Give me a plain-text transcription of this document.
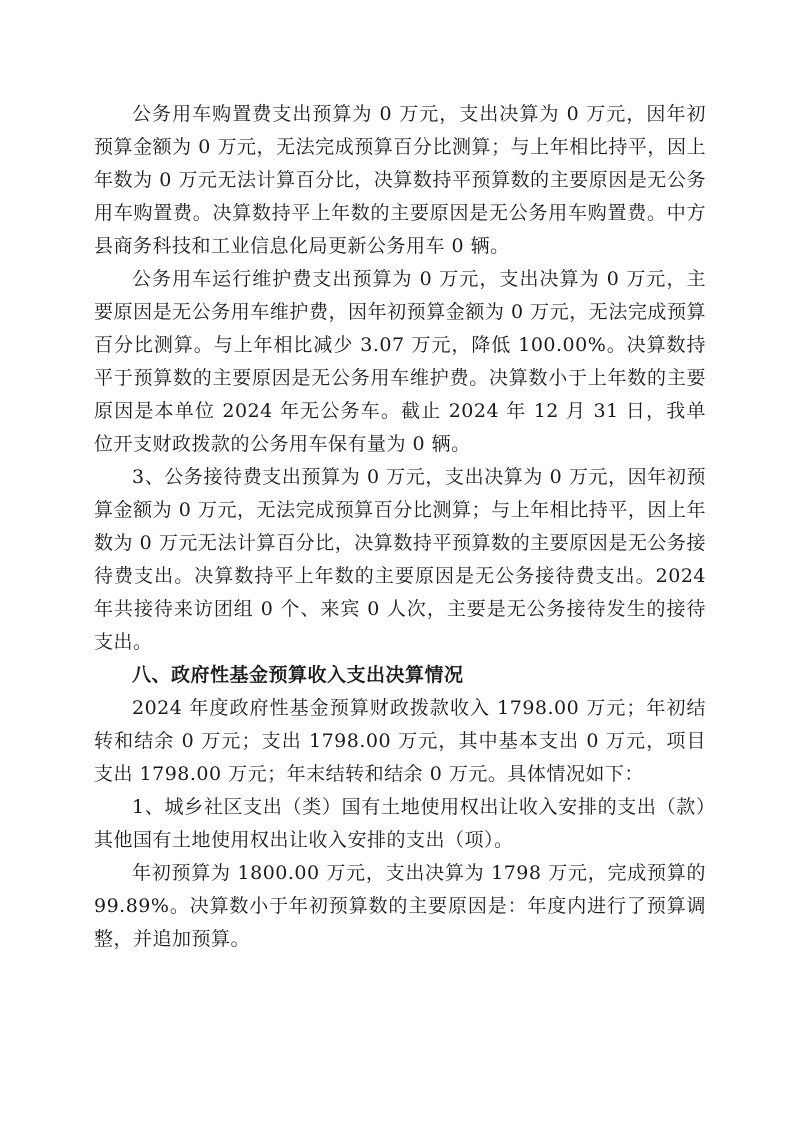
公务用车购置费支出预算为 0 万元，支出决算为 0 万元，因年初预算金额为 0 万元，无法完成预算百分比测算；与上年相比持平，因上年数为 0 万元无法计算百分比，决算数持平预算数的主要原因是无公务用车购置费。决算数持平上年数的主要原因是无公务用车购置费。中方县商务科技和工业信息化局更新公务用车 0 辆。

公务用车运行维护费支出预算为 0 万元，支出决算为 0 万元，主要原因是无公务用车维护费，因年初预算金额为 0 万元，无法完成预算百分比测算。与上年相比减少 3.07 万元，降低 100.00%。决算数持平于预算数的主要原因是无公务用车维护费。决算数小于上年数的主要原因是本单位 2024 年无公务车。截止 2024 年 12 月 31 日，我单位开支财政拨款的公务用车保有量为 0 辆。

3、公务接待费支出预算为 0 万元，支出决算为 0 万元，因年初预算金额为 0 万元，无法完成预算百分比测算；与上年相比持平，因上年数为 0 万元无法计算百分比，决算数持平预算数的主要原因是无公务接待费支出。决算数持平上年数的主要原因是无公务接待费支出。2024 年共接待来访团组 0 个、来宾 0 人次，主要是无公务接待发生的接待支出。

八、政府性基金预算收入支出决算情况

2024 年度政府性基金预算财政拨款收入 1798.00 万元；年初结转和结余 0 万元；支出 1798.00 万元，其中基本支出 0 万元，项目支出 1798.00 万元；年末结转和结余 0 万元。具体情况如下：

1、城乡社区支出（类）国有土地使用权出让收入安排的支出（款）其他国有土地使用权出让收入安排的支出（项）。

年初预算为 1800.00 万元，支出决算为 1798 万元，完成预算的 99.89%。决算数小于年初预算数的主要原因是：年度内进行了预算调整，并追加预算。
